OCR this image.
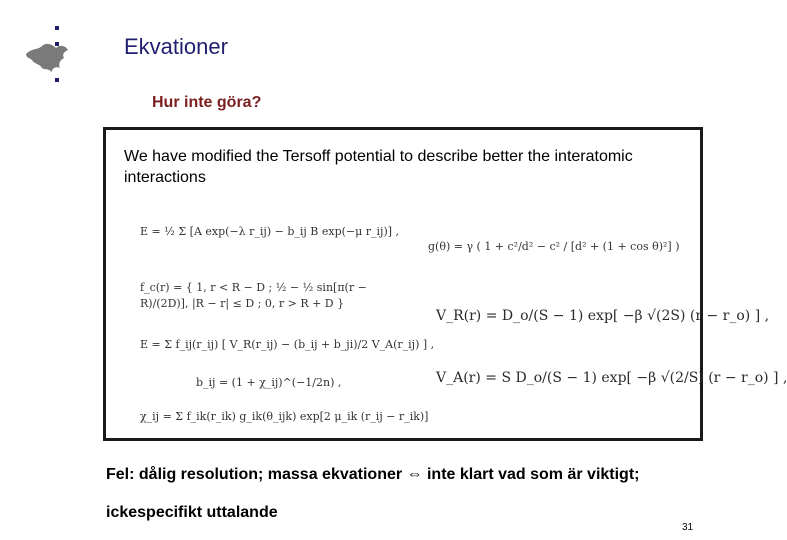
Ekvationer
Hur inte göra?
We have modified the Tersoff potential to describe better the interatomic interactions
E = ½ Σ [A exp(−λ r_ij) − b_ij B exp(−μ r_ij)] ,
f_c(r) = { 1, r < R − D ; ½ − ½ sin[π(r − R)/(2D)], |R − r| ≤ D ; 0, r > R + D }
E = Σ f_ij(r_ij) [ V_R(r_ij) − (b_ij + b_ji)/2 V_A(r_ij) ] ,
b_ij = (1 + χ_ij)^(−1/2n) ,
χ_ij = Σ f_ik(r_ik) g_ik(θ_ijk) exp[2 μ_ik (r_ij − r_ik)]
g(θ) = γ ( 1 + c²/d² − c² / [d² + (1 + cos θ)²] )
V_R(r) = D_o/(S − 1) exp[ −β √(2S) (r − r_o) ] ,
V_A(r) = S D_o/(S − 1) exp[ −β √(2/S) (r − r_o) ] ,
Fel: dålig resolution; massa ekvationer ⇔ inte klart vad som är viktigt; ickespecifikt uttalande
31
